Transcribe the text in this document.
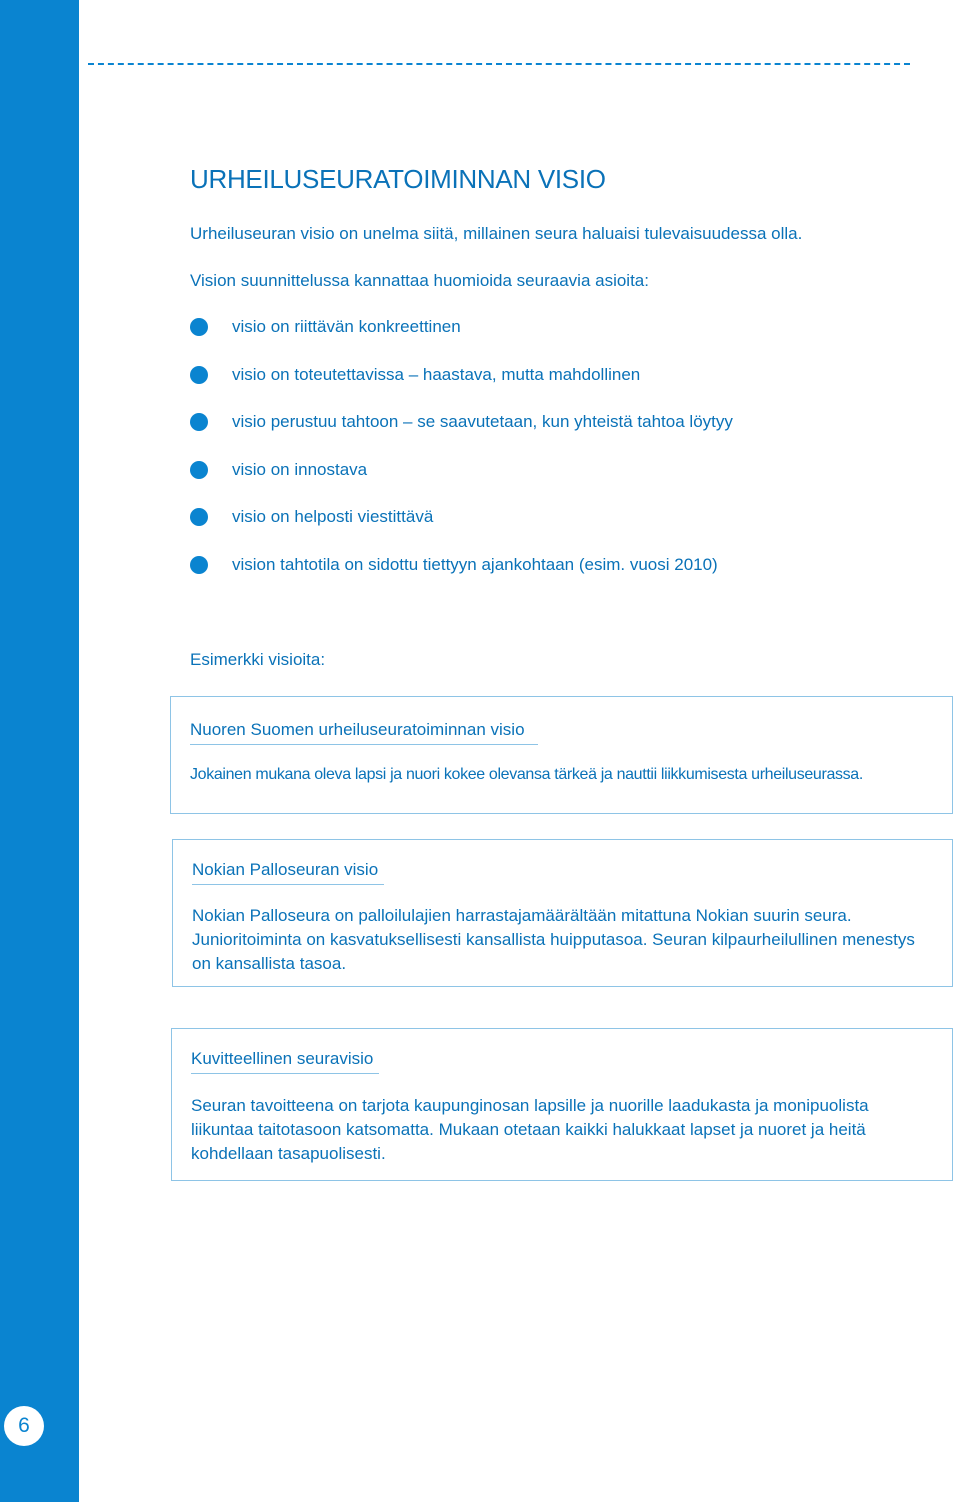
6
URHEILUSEURATOIMINNAN VISIO
Urheiluseuran visio on unelma siitä, millainen seura haluaisi tulevaisuudessa olla.
Vision suunnittelussa kannattaa huomioida seuraavia asioita:
visio on riittävän konkreettinen
visio on toteutettavissa – haastava, mutta mahdollinen
visio perustuu tahtoon – se saavutetaan, kun yhteistä tahtoa löytyy
visio on innostava
visio on helposti viestittävä
vision tahtotila on sidottu tiettyyn ajankohtaan (esim. vuosi 2010)
Esimerkki visioita:
Nuoren Suomen urheiluseuratoiminnan visio

Jokainen mukana oleva lapsi ja nuori kokee olevansa tärkeä ja nauttii liikkumisesta urheiluseurassa.

Nokian Palloseuran visio

Nokian Palloseura on palloilulajien harrastajamäärältään mitattuna Nokian suurin seura. Junioritoiminta on kasvatuksellisesti kansallista huipputasoa. Seuran kilpaurheilullinen menestys on kansallista tasoa.

Kuvitteellinen seuravisio

Seuran tavoitteena on tarjota kaupunginosan lapsille ja nuorille laadukasta ja monipuolista liikuntaa taitotasoon katsomatta. Mukaan otetaan kaikki halukkaat lapset ja nuoret ja heitä kohdellaan tasapuolisesti.
